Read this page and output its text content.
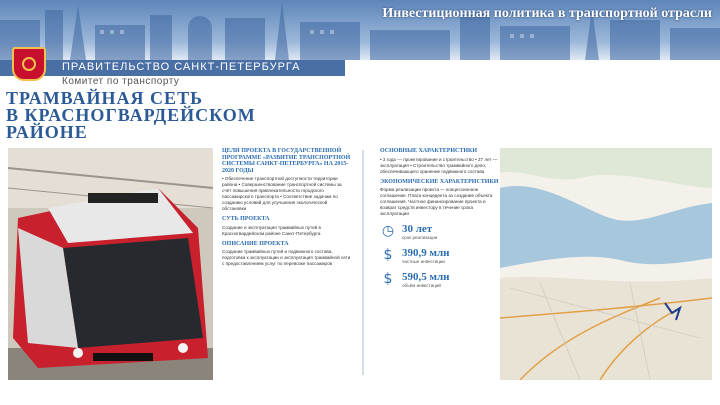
Инвестиционная политика в транспортной отрасли
ПРАВИТЕЛЬСТВО САНКТ-ПЕТЕРБУРГА
Комитет по транспорту
ТРАМВАЙНАЯ СЕТЬ
В КРАСНОГВАРДЕЙСКОМ
РАЙОНЕ
ЦЕЛИ ПРОЕКТА В ГОСУДАРСТВЕННОЙ ПРОГРАММЕ «РАЗВИТИЕ ТРАНСПОРТНОЙ СИСТЕМЫ САНКТ-ПЕТЕРБУРГА» НА 2015-2020 ГОДЫ
• Обеспечение транспортной доступности территории района • Совершенствование транспортной системы за счёт повышения привлекательности городского пассажирского транспорта • Соответствие задачам по созданию условий для улучшения экологической обстановки
СУТЬ ПРОЕКТА
Создание и эксплуатация трамвайных путей в Красногвардейском районе Санкт-Петербурга
ОПИСАНИЕ ПРОЕКТА
Создание трамвайных путей и подвижного состава, подготовка к эксплуатации и эксплуатация трамвайной сети с предоставлением услуг по перевозке пассажиров
ОСНОВНЫЕ ХАРАКТЕРИСТИКИ
• 3 года — проектирование и строительство • 27 лет — эксплуатация • Строительство трамвайного депо, обеспечивающего хранение подвижного состава
ЭКОНОМИЧЕСКИЕ ХАРАКТЕРИСТИКИ
Форма реализации проекта — концессионное соглашение. Плата концедента за создание объекта соглашения. Частное финансирование проекта и возврат средств инвестору в течение срока эксплуатации
◷ 30 лет
срок реализации
$ 390,9 млн
частные инвестиции
$ 590,5 млн
объём инвестиций
